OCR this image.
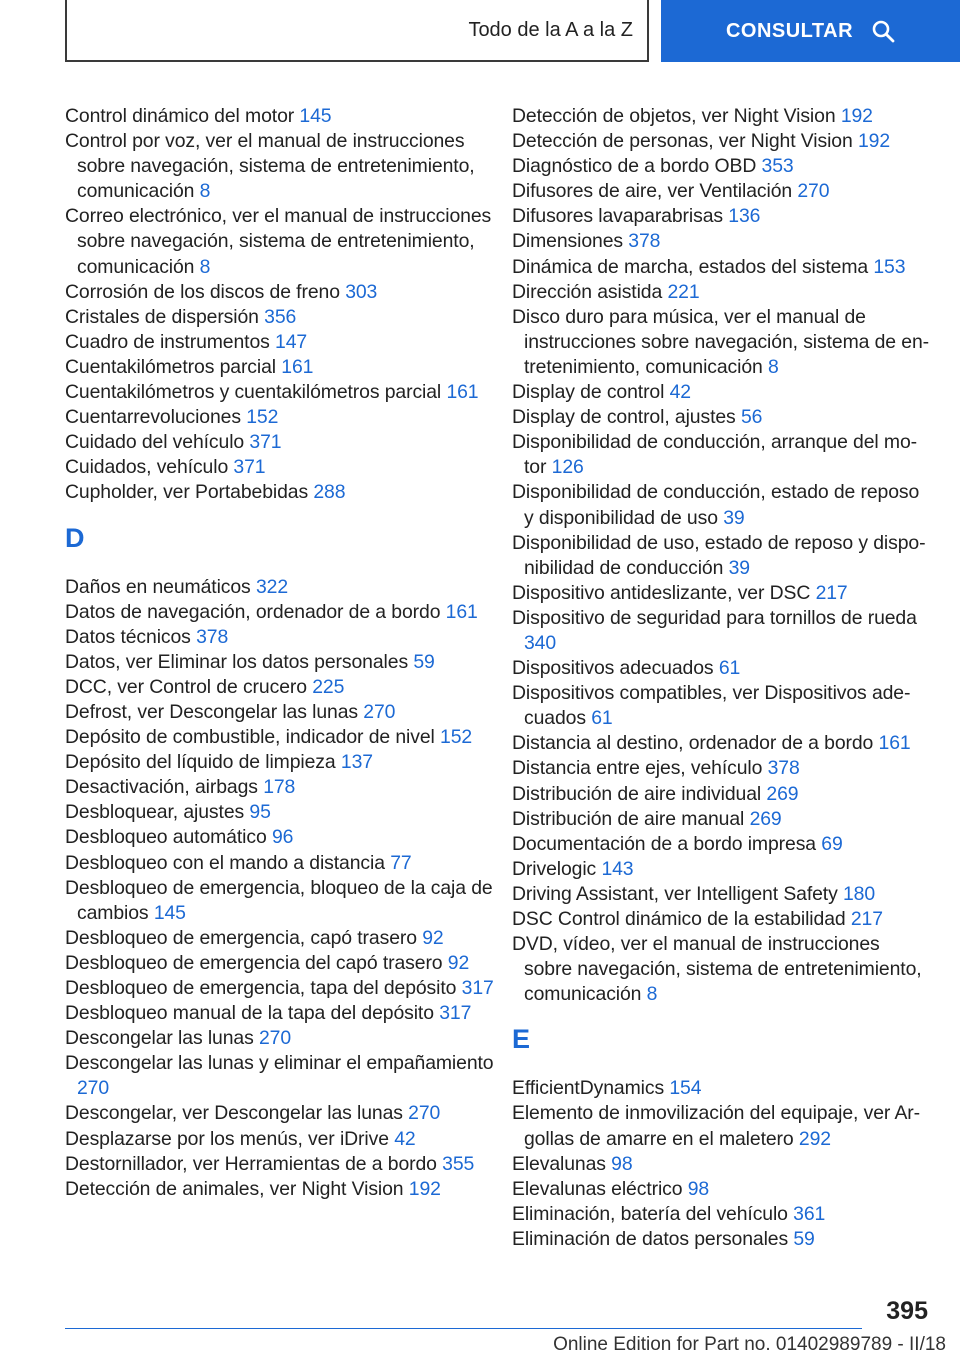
Todo de la A a la Z	CONSULTAR
Control dinámico del motor 145
Control por voz, ver el manual de instrucciones sobre navegación, sistema de entretenimiento, comunicación 8
Correo electrónico, ver el manual de instrucciones sobre navegación, sistema de entretenimiento, comunicación 8
Corrosión de los discos de freno 303
Cristales de dispersión 356
Cuadro de instrumentos 147
Cuentakilómetros parcial 161
Cuentakilómetros y cuentakilómetros parcial 161
Cuentarrevoluciones 152
Cuidado del vehículo 371
Cuidados, vehículo 371
Cupholder, ver Portabebidas 288
D
Daños en neumáticos 322
Datos de navegación, ordenador de a bordo 161
Datos técnicos 378
Datos, ver Eliminar los datos personales 59
DCC, ver Control de crucero 225
Defrost, ver Descongelar las lunas 270
Depósito de combustible, indicador de nivel 152
Depósito del líquido de limpieza 137
Desactivación, airbags 178
Desbloquear, ajustes 95
Desbloqueo automático 96
Desbloqueo con el mando a distancia 77
Desbloqueo de emergencia, bloqueo de la caja de cambios 145
Desbloqueo de emergencia, capó trasero 92
Desbloqueo de emergencia del capó trasero 92
Desbloqueo de emergencia, tapa del depósito 317
Desbloqueo manual de la tapa del depósito 317
Descongelar las lunas 270
Descongelar las lunas y eliminar el empañamiento 270
Descongelar, ver Descongelar las lunas 270
Desplazarse por los menús, ver iDrive 42
Destornillador, ver Herramientas de a bordo 355
Detección de animales, ver Night Vision 192
Detección de objetos, ver Night Vision 192
Detección de personas, ver Night Vision 192
Diagnóstico de a bordo OBD 353
Difusores de aire, ver Ventilación 270
Difusores lavaparabrisas 136
Dimensiones 378
Dinámica de marcha, estados del sistema 153
Dirección asistida 221
Disco duro para música, ver el manual de instrucciones sobre navegación, sistema de entretenimiento, comunicación 8
Display de control 42
Display de control, ajustes 56
Disponibilidad de conducción, arranque del motor 126
Disponibilidad de conducción, estado de reposo y disponibilidad de uso 39
Disponibilidad de uso, estado de reposo y disponibilidad de conducción 39
Dispositivo antideslizante, ver DSC 217
Dispositivo de seguridad para tornillos de rueda 340
Dispositivos adecuados 61
Dispositivos compatibles, ver Dispositivos adecuados 61
Distancia al destino, ordenador de a bordo 161
Distancia entre ejes, vehículo 378
Distribución de aire individual 269
Distribución de aire manual 269
Documentación de a bordo impresa 69
Drivelogic 143
Driving Assistant, ver Intelligent Safety 180
DSC Control dinámico de la estabilidad 217
DVD, vídeo, ver el manual de instrucciones sobre navegación, sistema de entretenimiento, comunicación 8
E
EfficientDynamics 154
Elemento de inmovilización del equipaje, ver Argollas de amarre en el maletero 292
Elevalunas 98
Elevalunas eléctrico 98
Eliminación, batería del vehículo 361
Eliminación de datos personales 59
395
Online Edition for Part no. 01402989789 - II/18
